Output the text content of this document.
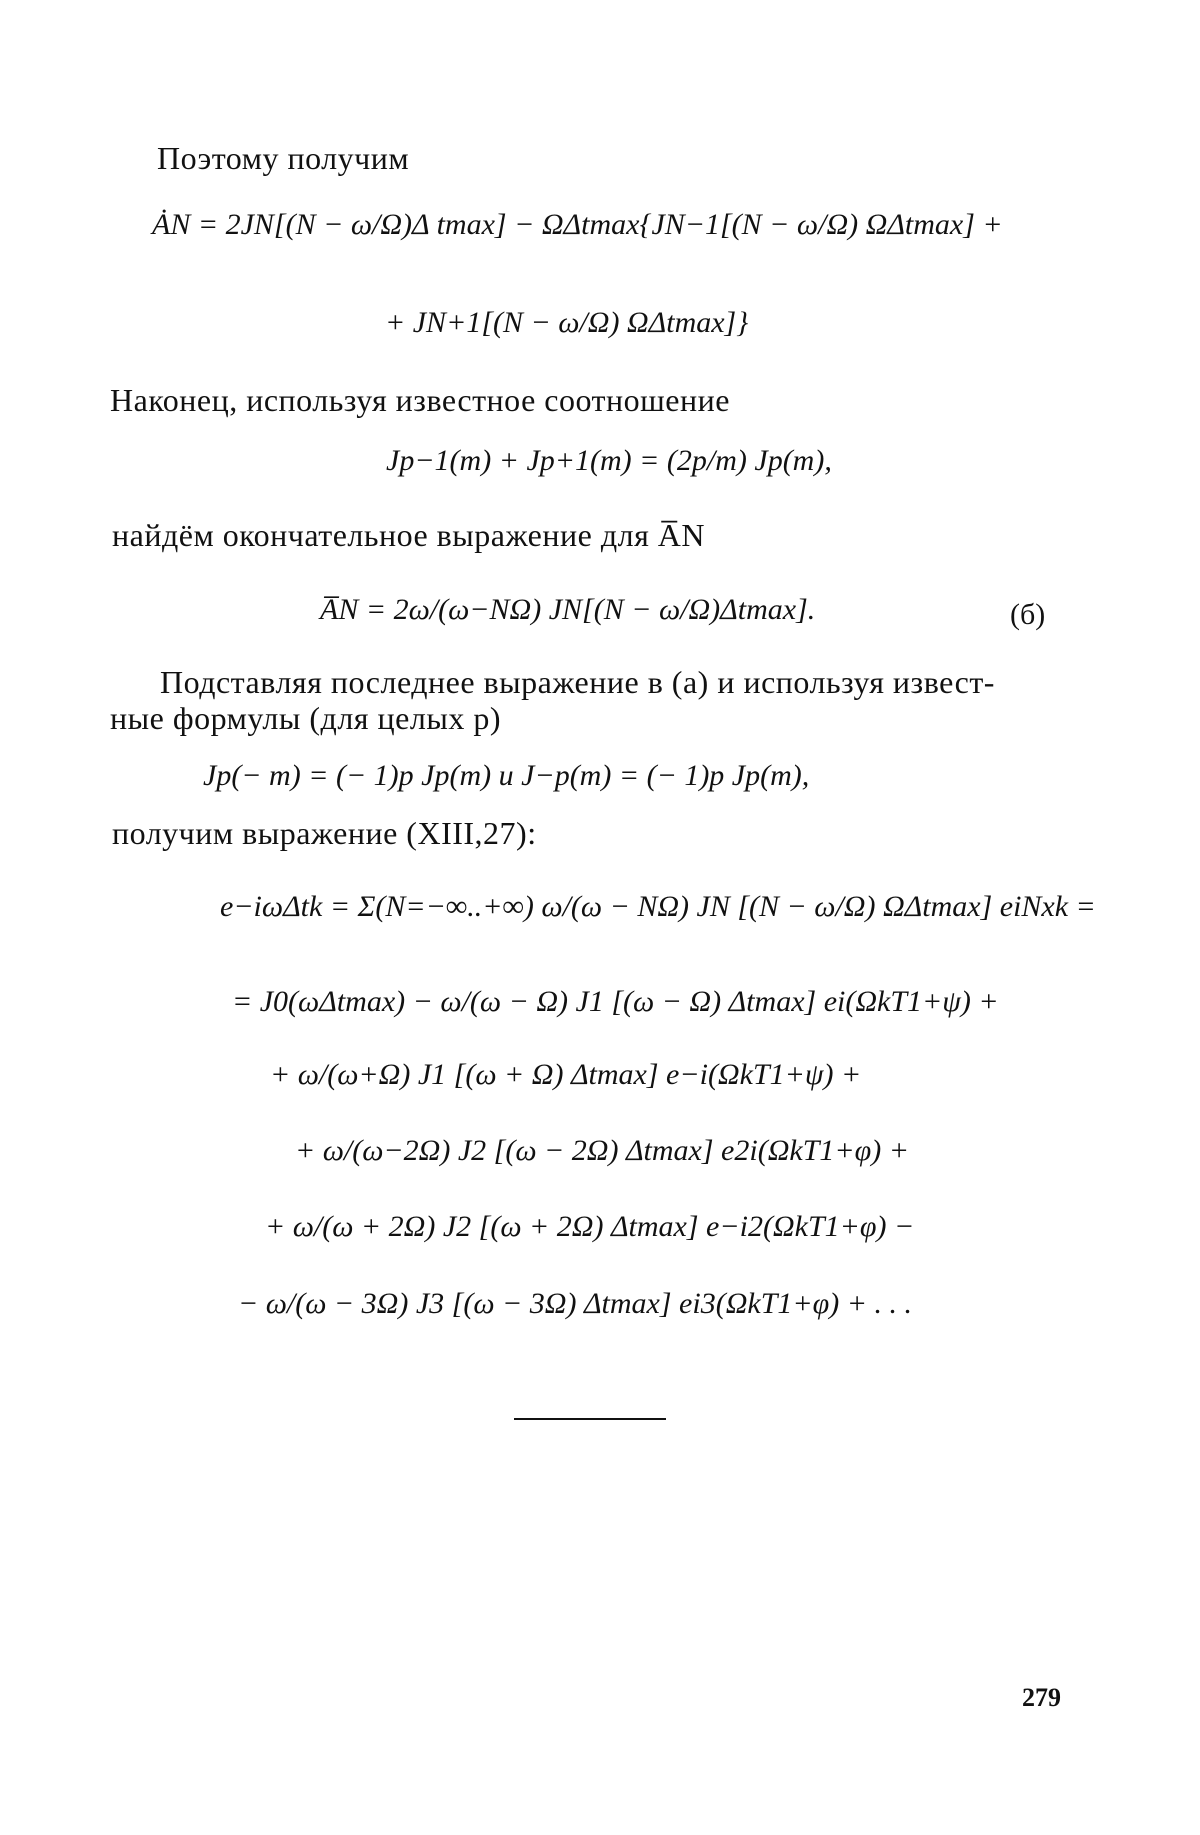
Поэтому получим
ȦN = 2JN[(N − ω/Ω)Δ tmax] − ΩΔtmax{JN−1[(N − ω/Ω) ΩΔtmax] +
+ JN+1[(N − ω/Ω) ΩΔtmax]}
Наконец, используя известное соотношение
Jp−1(m) + Jp+1(m) = (2p/m) Jp(m),
найдём окончательное выражение для A̅N
A̅N = 2ω/(ω−NΩ) JN[(N − ω/Ω)Δtmax].	(б)
Подставляя последнее выражение в (a) и используя извест-
ные формулы (для целых p)
Jp(− m) = (− 1)p Jp(m) и J−p(m) = (− 1)p Jp(m),
получим выражение (XIII,27):
e−iωΔtk = Σ(N=−∞..+∞) ω/(ω − NΩ) JN [(N − ω/Ω) ΩΔtmax] eiNxk =
= J0(ωΔtmax) − ω/(ω − Ω) J1 [(ω − Ω) Δtmax] ei(ΩkT1+ψ) +
+ ω/(ω+Ω) J1 [(ω + Ω) Δtmax] e−i(ΩkT1+ψ) +
+ ω/(ω−2Ω) J2 [(ω − 2Ω) Δtmax] e2i(ΩkT1+φ) +
+ ω/(ω + 2Ω) J2 [(ω + 2Ω) Δtmax] e−i2(ΩkT1+φ) −
− ω/(ω − 3Ω) J3 [(ω − 3Ω) Δtmax] ei3(ΩkT1+φ) + . . .
279
